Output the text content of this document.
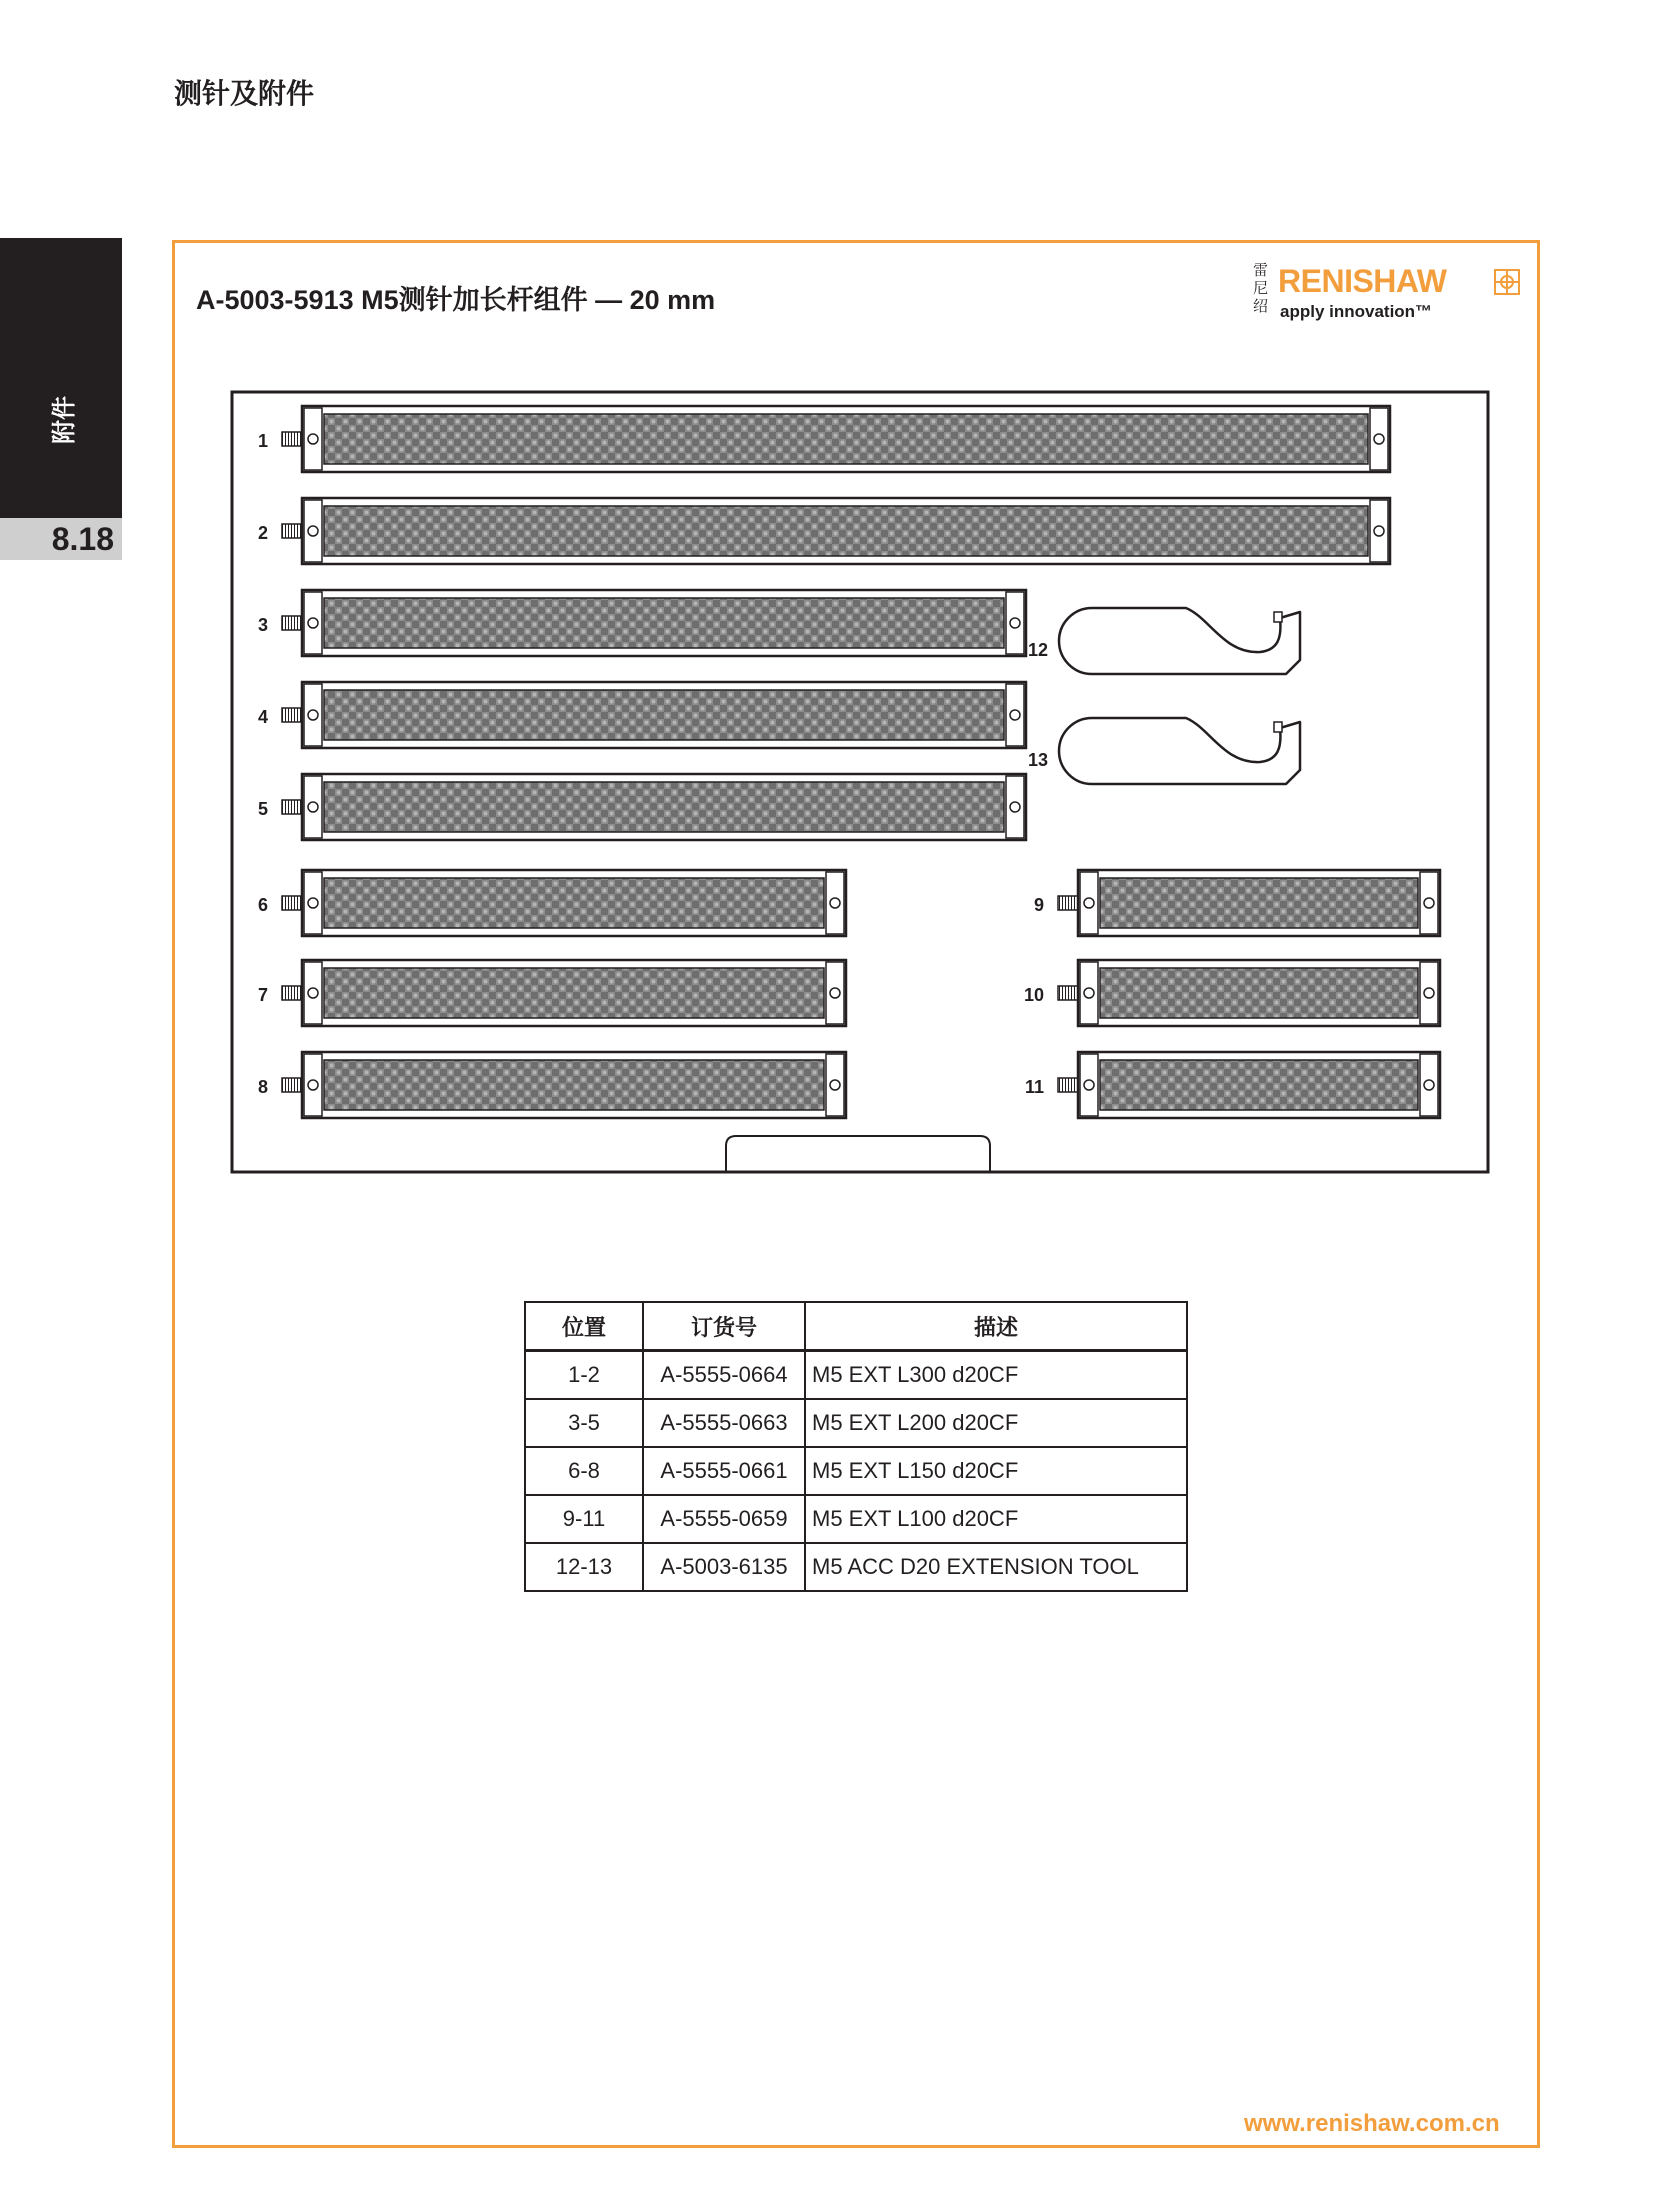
测针及附件
附件
8.18
A-5003-5913 M5测针加长杆组件 — 20 mm
雷尼绍
RENISHAW
apply innovation™
1
2
3
4
5
6
7
8
9
10
11
12
13
位置	订货号	描述
1-2	A-5555-0664	M5 EXT L300 d20CF
3-5	A-5555-0663	M5 EXT L200 d20CF
6-8	A-5555-0661	M5 EXT L150 d20CF
9-11	A-5555-0659	M5 EXT L100 d20CF
12-13	A-5003-6135	M5 ACC D20 EXTENSION TOOL
www.renishaw.com.cn
